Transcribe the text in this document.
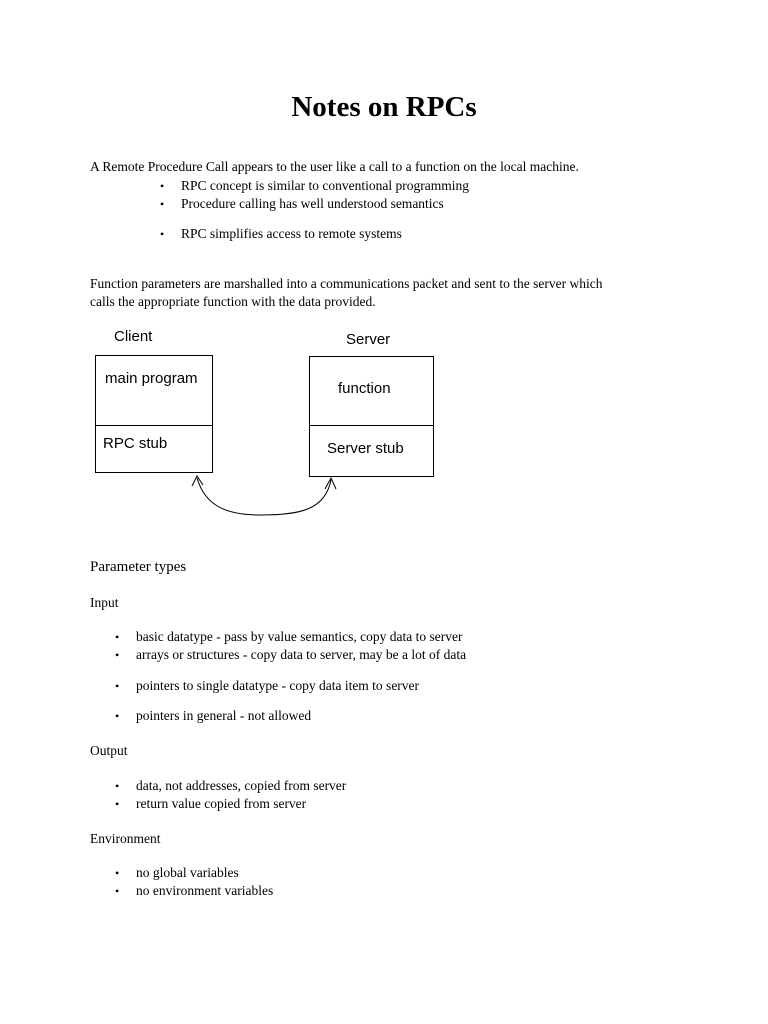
Notes on RPCs

A Remote Procedure Call appears to the user like a call to a function on the local machine.

• RPC concept is similar to conventional programming
• Procedure calling has well understood semantics
• RPC simplifies access to remote systems

Function parameters are marshalled into a communications packet and sent to the server which

calls the appropriate function with the data provided.

Client
main program
RPC stub
Server
function
Server stub
Parameter types
Input
• basic datatype - pass by value semantics, copy data to server
• arrays or structures - copy data to server, may be a lot of data
• pointers to single datatype - copy data item to server
• pointers in general - not allowed
Output
• data, not addresses, copied from server
• return value copied from server
Environment
• no global variables
• no environment variables
